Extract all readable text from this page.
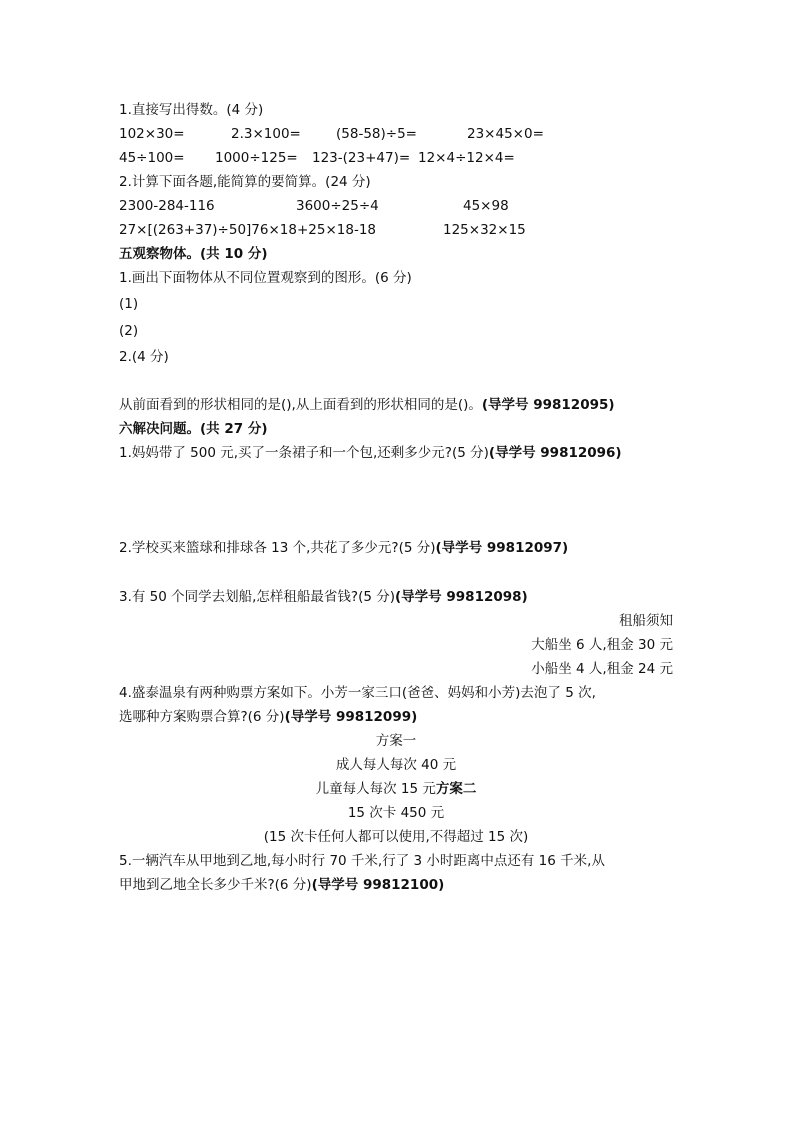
1.直接写出得数。(4 分)
102×30=	2.3×100=	(58-58)÷5=	23×45×0=
45÷100= 1000÷125= 123-(23+47)= 12×4÷12×4=
2.计算下面各题,能简算的要简算。(24 分)
2300-284-116	3600÷25÷4	45×98
27×[(263+37)÷50]76×18+25×18-18	125×32×15
五观察物体。(共 10 分)
1.画出下面物体从不同位置观察到的图形。(6 分)
(1)
(2)
2.(4 分)
从前面看到的形状相同的是(),从上面看到的形状相同的是()。(导学号 99812095)
六解决问题。(共 27 分)
1.妈妈带了 500 元,买了一条裙子和一个包,还剩多少元?(5 分)(导学号 99812096)
2.学校买来篮球和排球各 13 个,共花了多少元?(5 分)(导学号 99812097)
3.有 50 个同学去划船,怎样租船最省钱?(5 分)(导学号 99812098)
租船须知
大船坐 6 人,租金 30 元
小船坐 4 人,租金 24 元
4.盛泰温泉有两种购票方案如下。小芳一家三口(爸爸、妈妈和小芳)去泡了 5 次,
选哪种方案购票合算?(6 分)(导学号 99812099)
方案一
成人每人每次 40 元
儿童每人每次 15 元方案二
15 次卡 450 元
(15 次卡任何人都可以使用,不得超过 15 次)
5.一辆汽车从甲地到乙地,每小时行 70 千米,行了 3 小时距离中点还有 16 千米,从
甲地到乙地全长多少千米?(6 分)(导学号 99812100)
